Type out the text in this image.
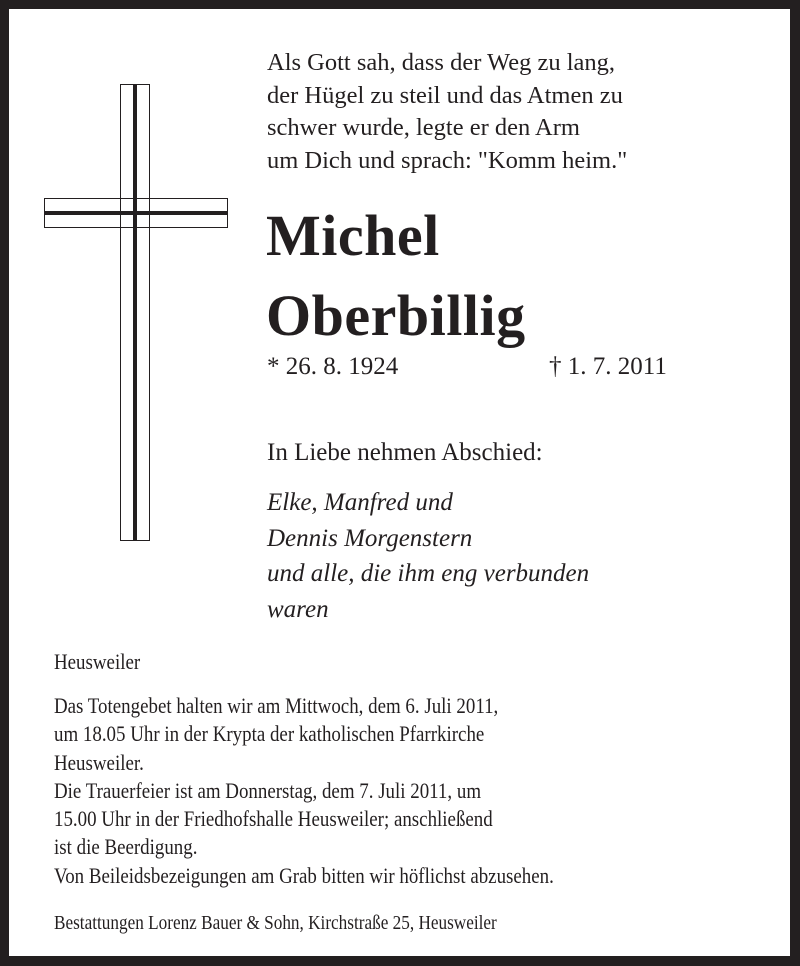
Als Gott sah, dass der Weg zu lang,
der Hügel zu steil und das Atmen zu
schwer wurde, legte er den Arm
um Dich und sprach: "Komm heim."
Michel
Oberbillig
* 26. 8. 1924	† 1. 7. 2011
In Liebe nehmen Abschied:
Elke, Manfred und
Dennis Morgenstern
und alle, die ihm eng verbunden
waren
Heusweiler
Das Totengebet halten wir am Mittwoch, dem 6. Juli 2011,
um 18.05 Uhr in der Krypta der katholischen Pfarrkirche
Heusweiler.
Die Trauerfeier ist am Donnerstag, dem 7. Juli 2011, um
15.00 Uhr in der Friedhofshalle Heusweiler; anschließend
ist die Beerdigung.
Von Beileidsbezeigungen am Grab bitten wir höflichst abzusehen.
Bestattungen Lorenz Bauer & Sohn, Kirchstraße 25, Heusweiler
